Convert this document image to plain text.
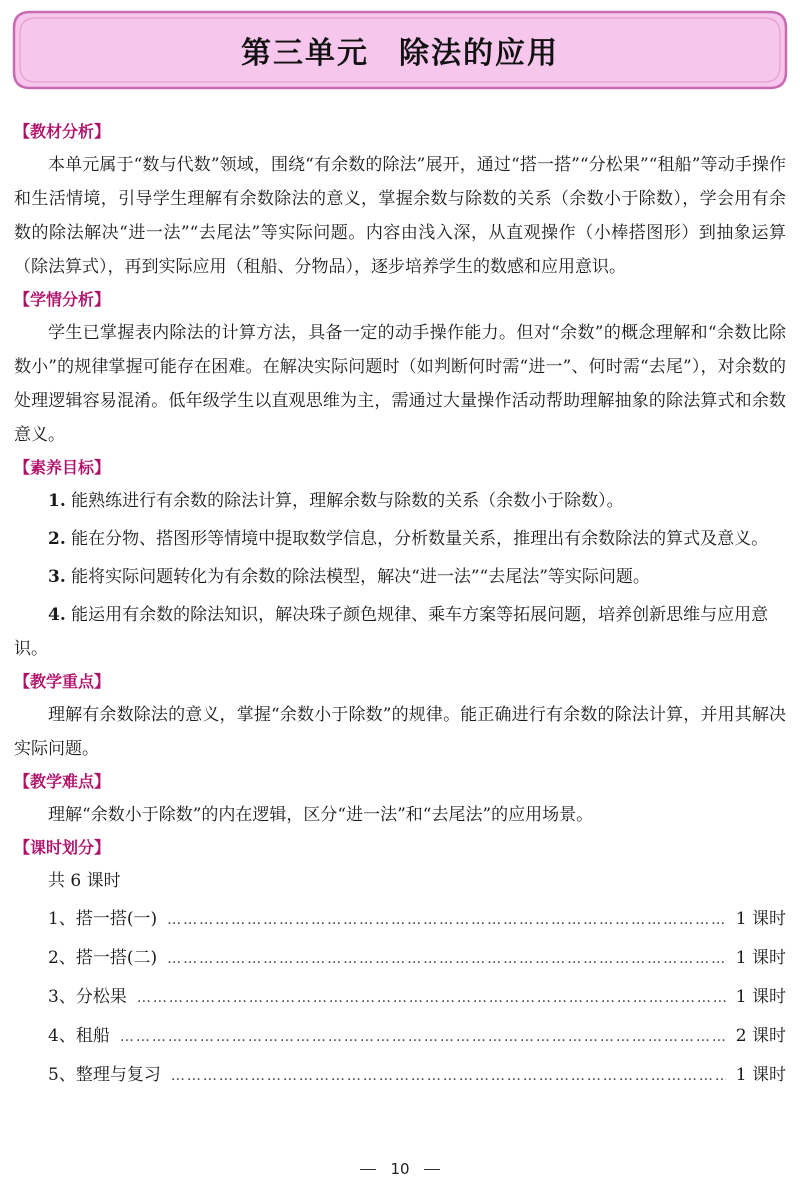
第三单元 除法的应用
【教材分析】

本单元属于“数与代数”领域，围绕“有余数的除法”展开，通过“搭一搭”“分松果”“租船”等动手操作和生活情境，引导学生理解有余数除法的意义，掌握余数与除数的关系（余数小于除数），学会用有余数的除法解决“进一法”“去尾法”等实际问题。内容由浅入深，从直观操作（小棒搭图形）到抽象运算（除法算式），再到实际应用（租船、分物品），逐步培养学生的数感和应用意识。

【学情分析】

学生已掌握表内除法的计算方法，具备一定的动手操作能力。但对“余数”的概念理解和“余数比除数小”的规律掌握可能存在困难。在解决实际问题时（如判断何时需“进一”、何时需“去尾”），对余数的处理逻辑容易混淆。低年级学生以直观思维为主，需通过大量操作活动帮助理解抽象的除法算式和余数意义。

【素养目标】

1. 能熟练进行有余数的除法计算，理解余数与除数的关系（余数小于除数）。

2. 能在分物、搭图形等情境中提取数学信息，分析数量关系，推理出有余数除法的算式及意义。

3. 能将实际问题转化为有余数的除法模型，解决“进一法”“去尾法”等实际问题。

4. 能运用有余数的除法知识，解决珠子颜色规律、乘车方案等拓展问题，培养创新思维与应用意识。

【教学重点】

理解有余数除法的意义，掌握“余数小于除数”的规律。能正确进行有余数的除法计算，并用其解决实际问题。

【教学难点】

理解“余数小于除数”的内在逻辑，区分“进一法”和“去尾法”的应用场景。

【课时划分】
共 6 课时
1、搭一搭(一) ……………………………………………………………………………………………………………………………………………………………………………	1 课时
2、搭一搭(二) ……………………………………………………………………………………………………………………………………………………………………………	1 课时
3、分松果 ……………………………………………………………………………………………………………………………………………………………………………	1 课时
4、租船 ……………………………………………………………………………………………………………………………………………………………………………	2 课时
5、整理与复习 ……………………………………………………………………………………………………………………………………………………………………………	1 课时
10
